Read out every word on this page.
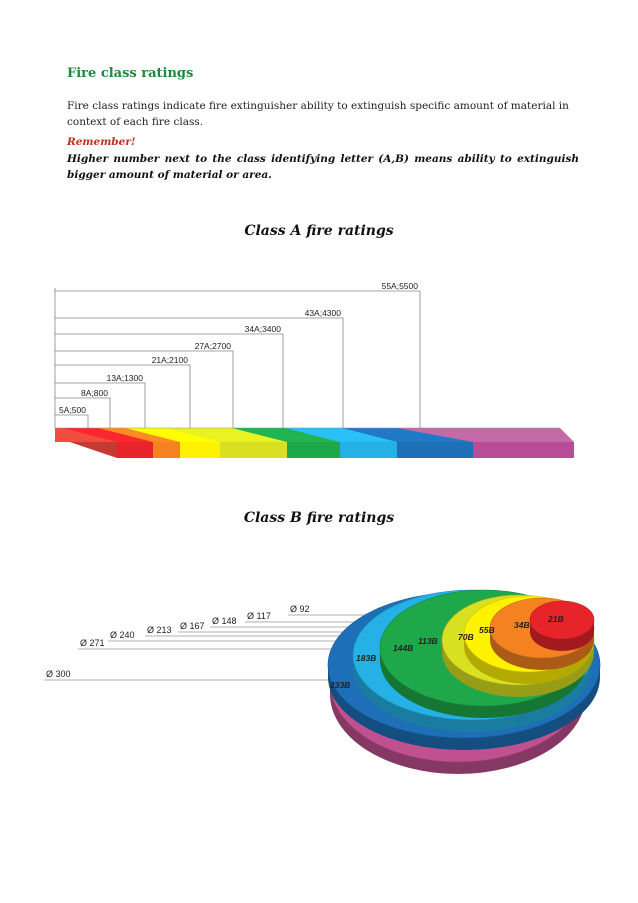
Fire class ratings
Fire class ratings indicate fire extinguisher ability to extinguish specific amount of material in context of each fire class.
Remember!
Higher number next to the class identifying letter (A,B) means ability to extinguish bigger amount of material or area.
Class A fire ratings
5A;500
8A;800
13A;1300
21A;2100
27A;2700
34A;3400
43A;4300
55A;5500
Class B fire ratings
Ø 92
Ø 117
Ø 148
Ø 167
Ø 213
Ø 240
Ø 271
Ø 300
21B
34B
55B
70B
113B
144B
183B
233B
